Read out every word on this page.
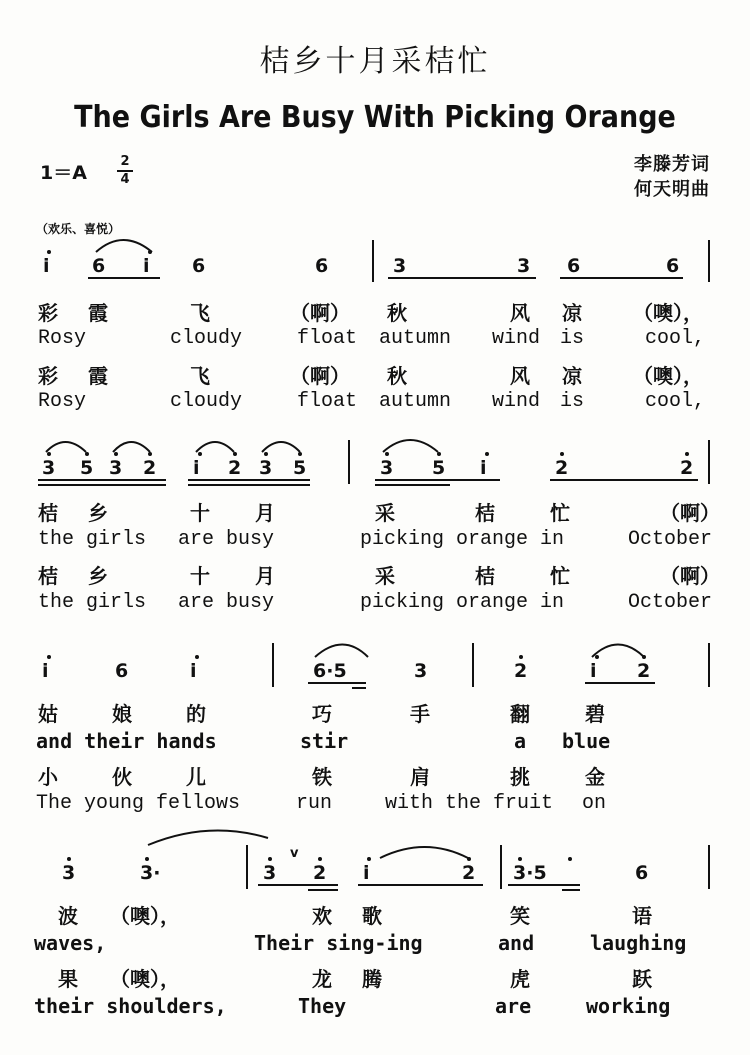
桔乡十月采桔忙
The Girls Are Busy With Picking Orange
1＝A
2
4
李滕芳词
何天明曲
（欢乐、喜悦）
i 6 i 6	6	3	3 6	6
彩 霞	飞	（啊） 秋	风 凉	（噢），
Rosy	cloudy	float autumn wind is	cool,
彩 霞	飞	（啊） 秋	风 凉	（噢），
Rosy	cloudy	float autumn wind is	cool,
3 5 3 2 i 2 3 5	3 5 i	2	2
桔 乡	十 月	采	桔	忙	（啊）
the girls are busy	picking orange in	October
桔 乡	十 月	采	桔	忙	（啊）
the girls are busy	picking orange in	October
i	6	i	6·5	3	2	i 2
姑	娘	的	巧	手	翻	碧
and their hands	stir	a blue
小	伙	儿	铁	肩	挑	金
The young fellows	run	with the fruit on
3	3·	3
v
2 i	2 3·5	6
波 （噢），	欢 歌	笑	语
waves,	Their sing-ing	and	laughing
果 （噢），	龙 腾	虎	跃
their shoulders,	They	are	working
